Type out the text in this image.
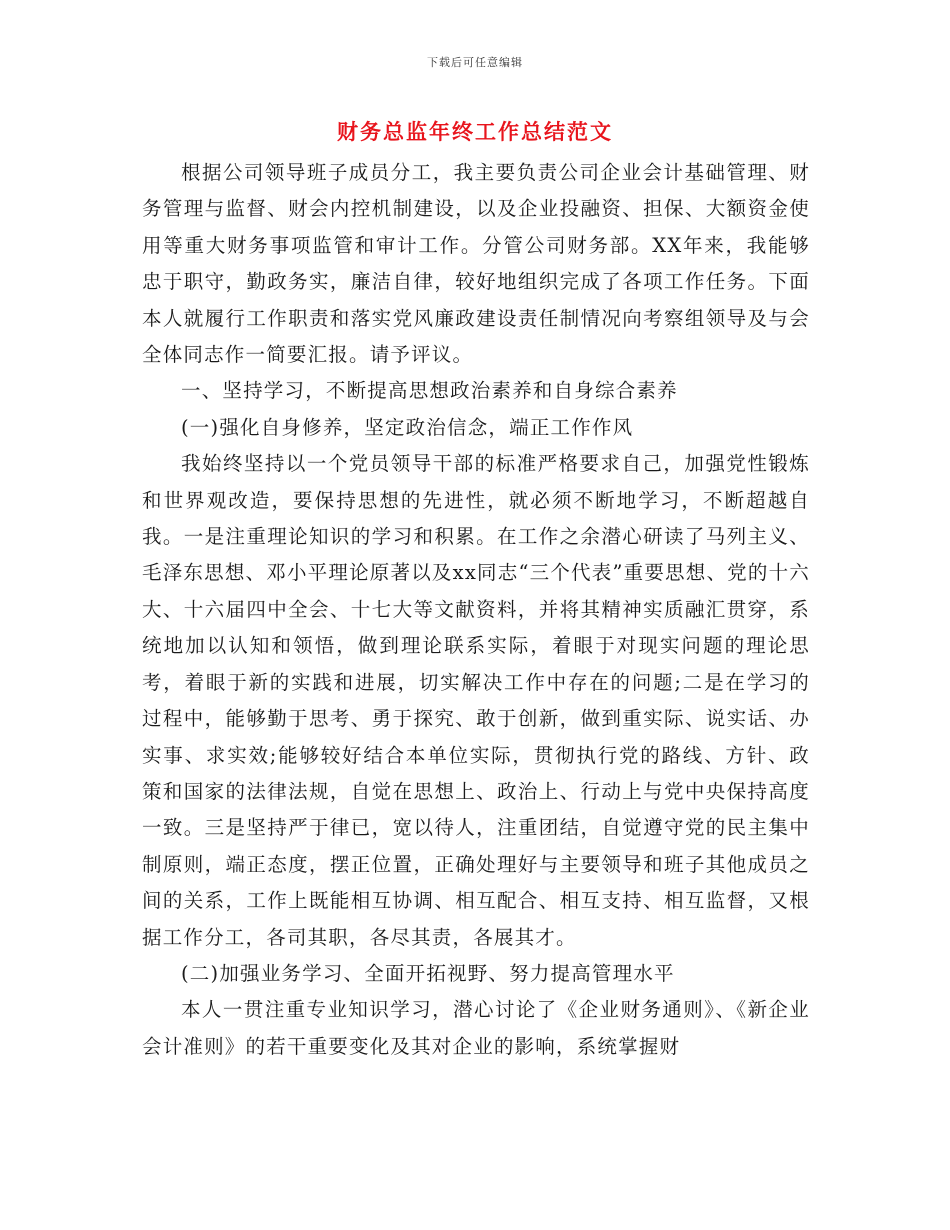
下载后可任意编辑
财务总监年终工作总结范文

根据公司领导班子成员分工，我主要负责公司企业会计基础管理、财务管理与监督、财会内控机制建设，以及企业投融资、担保、大额资金使用等重大财务事项监管和审计工作。分管公司财务部。XX年来，我能够忠于职守，勤政务实，廉洁自律，较好地组织完成了各项工作任务。下面本人就履行工作职责和落实党风廉政建设责任制情况向考察组领导及与会全体同志作一简要汇报。请予评议。

一、坚持学习，不断提高思想政治素养和自身综合素养

(一)强化自身修养，坚定政治信念，端正工作作风

我始终坚持以一个党员领导干部的标准严格要求自己，加强党性锻炼和世界观改造，要保持思想的先进性，就必须不断地学习，不断超越自我。一是注重理论知识的学习和积累。在工作之余潜心研读了马列主义、毛泽东思想、邓小平理论原著以及xx同志“三个代表”重要思想、党的十六大、十六届四中全会、十七大等文献资料，并将其精神实质融汇贯穿，系统地加以认知和领悟，做到理论联系实际，着眼于对现实问题的理论思考，着眼于新的实践和进展，切实解决工作中存在的问题;二是在学习的过程中，能够勤于思考、勇于探究、敢于创新，做到重实际、说实话、办实事、求实效;能够较好结合本单位实际，贯彻执行党的路线、方针、政策和国家的法律法规，自觉在思想上、政治上、行动上与党中央保持高度一致。三是坚持严于律已，宽以待人，注重团结，自觉遵守党的民主集中制原则，端正态度，摆正位置，正确处理好与主要领导和班子其他成员之间的关系，工作上既能相互协调、相互配合、相互支持、相互监督，又根据工作分工，各司其职，各尽其责，各展其才。

(二)加强业务学习、全面开拓视野、努力提高管理水平

本人一贯注重专业知识学习，潜心讨论了《企业财务通则》、《新企业会计准则》的若干重要变化及其对企业的影响，系统掌握财
